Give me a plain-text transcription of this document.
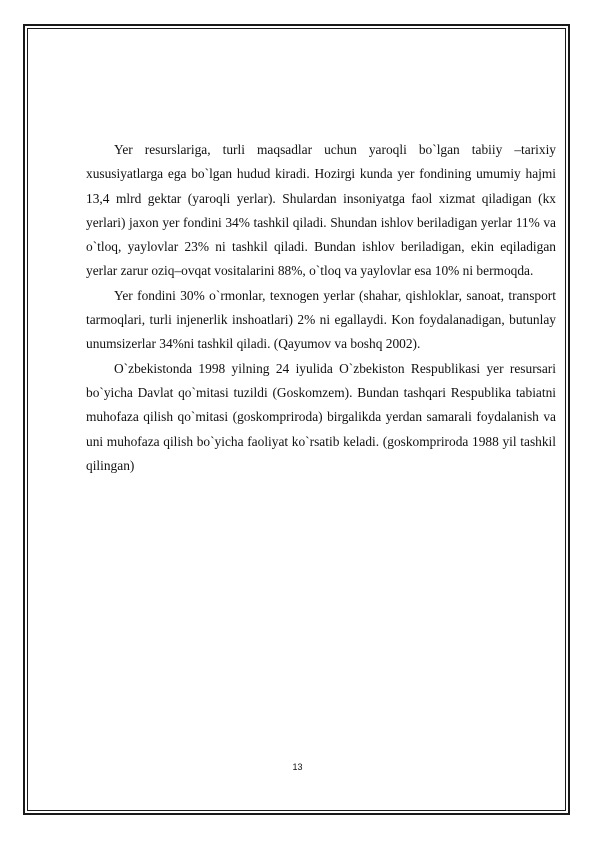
Yer resurslariga, turli maqsadlar uchun yaroqli bo`lgan tabiiy –tarixiy xususiyatlarga ega bo`lgan hudud kiradi. Hozirgi kunda yer fondining umumiy hajmi 13,4 mlrd gektar (yaroqli yerlar). Shulardan insoniyatga faol xizmat qiladigan (kx yerlari) jaxon yer fondini 34% tashkil qiladi. Shundan ishlov beriladigan yerlar 11% va o`tloq, yaylovlar 23% ni tashkil qiladi. Bundan ishlov beriladigan, ekin eqiladigan yerlar zarur oziq–ovqat vositalarini 88%, o`tloq va yaylovlar esa 10% ni bermoqda.

Yer fondini 30% o`rmonlar, texnogen yerlar (shahar, qishloklar, sanoat, transport tarmoqlari, turli injenerlik inshoatlari) 2% ni egallaydi. Kon foydalanadigan, butunlay unumsizerlar 34%ni tashkil qiladi. (Qayumov va boshq 2002).

O`zbekistonda 1998 yilning 24 iyulida O`zbekiston Respublikasi yer resursari bo`yicha Davlat qo`mitasi tuzildi (Goskomzem). Bundan tashqari Respublika tabiatni muhofaza qilish qo`mitasi (goskompriroda) birgalikda yerdan samarali foydalanish va uni muhofaza qilish bo`yicha faoliyat ko`rsatib keladi. (goskompriroda 1988 yil tashkil qilingan)

13
